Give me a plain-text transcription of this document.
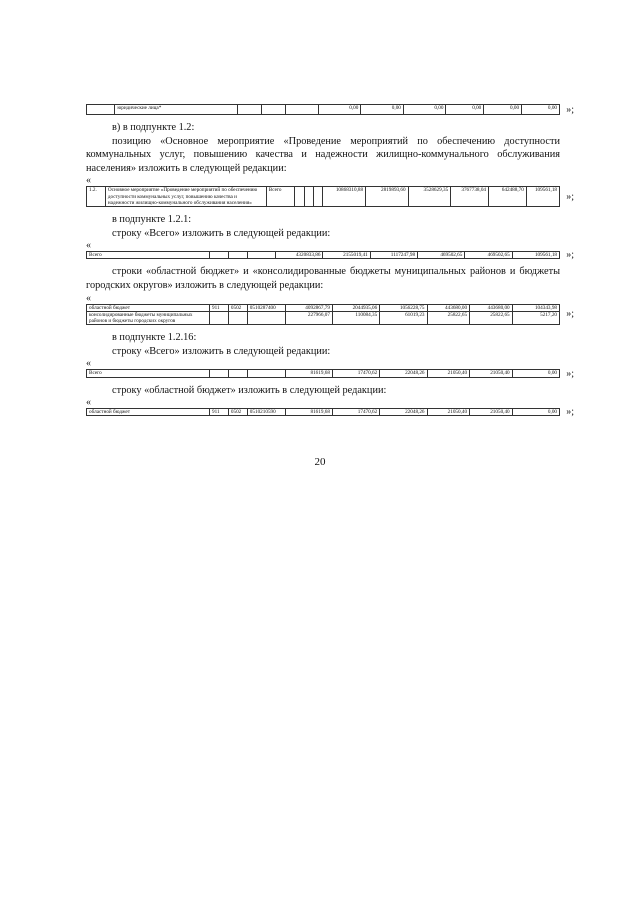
20
	юридические лица*				0,00	0,00	0,00	0,00	0,00	0,00 »;

в) в подпункте 1.2:

позицию «Основное мероприятие «Проведение мероприятий по обеспечению доступности коммунальных услуг, повышению качества и надежности жилищно-коммунального обслуживания населения» изложить в следующей редакции:

«

1.2.	Основное мероприятие «Проведение мероприятий по обеспечению доступности коммунальных услуг, повышению качества и надежности жилищно-коммунального обслуживания населения»	Всего				10868310,88	2819893,60	3528629,35	3767738,04	642488,70	109561,18
»;

в подпункте 1.2.1:

строку «Всего» изложить в следующей редакции:

«

Всего				4320833,86	2155019,41	1117247,98	469502,65	469502,65	109561,18 »;

строки «областной бюджет» и «консолидированные бюджеты муниципальных районов и бюджеты городских округов» изложить в следующей редакции:

«

областной бюджет	911	0502	0510287400	4092867,79	2044935,06	1056228,75	443680,00	443680,00	104343,98
консолидированные бюджеты муниципальных районов и бюджеты городских округов				227966,07	110084,35	61019,23	25822,65	25822,65	5217,20 »;

в подпункте 1.2.16:

строку «Всего» изложить в следующей редакции:

«

Всего				81619,68	17470,62	22048,26	21050,40	21050,40	0,00 »;

строку «областной бюджет» изложить в следующей редакции:

«

областной бюджет	911	0502	0510210590	81619,68	17470,62	22048,26	21050,40	21050,40	0,00 »;
